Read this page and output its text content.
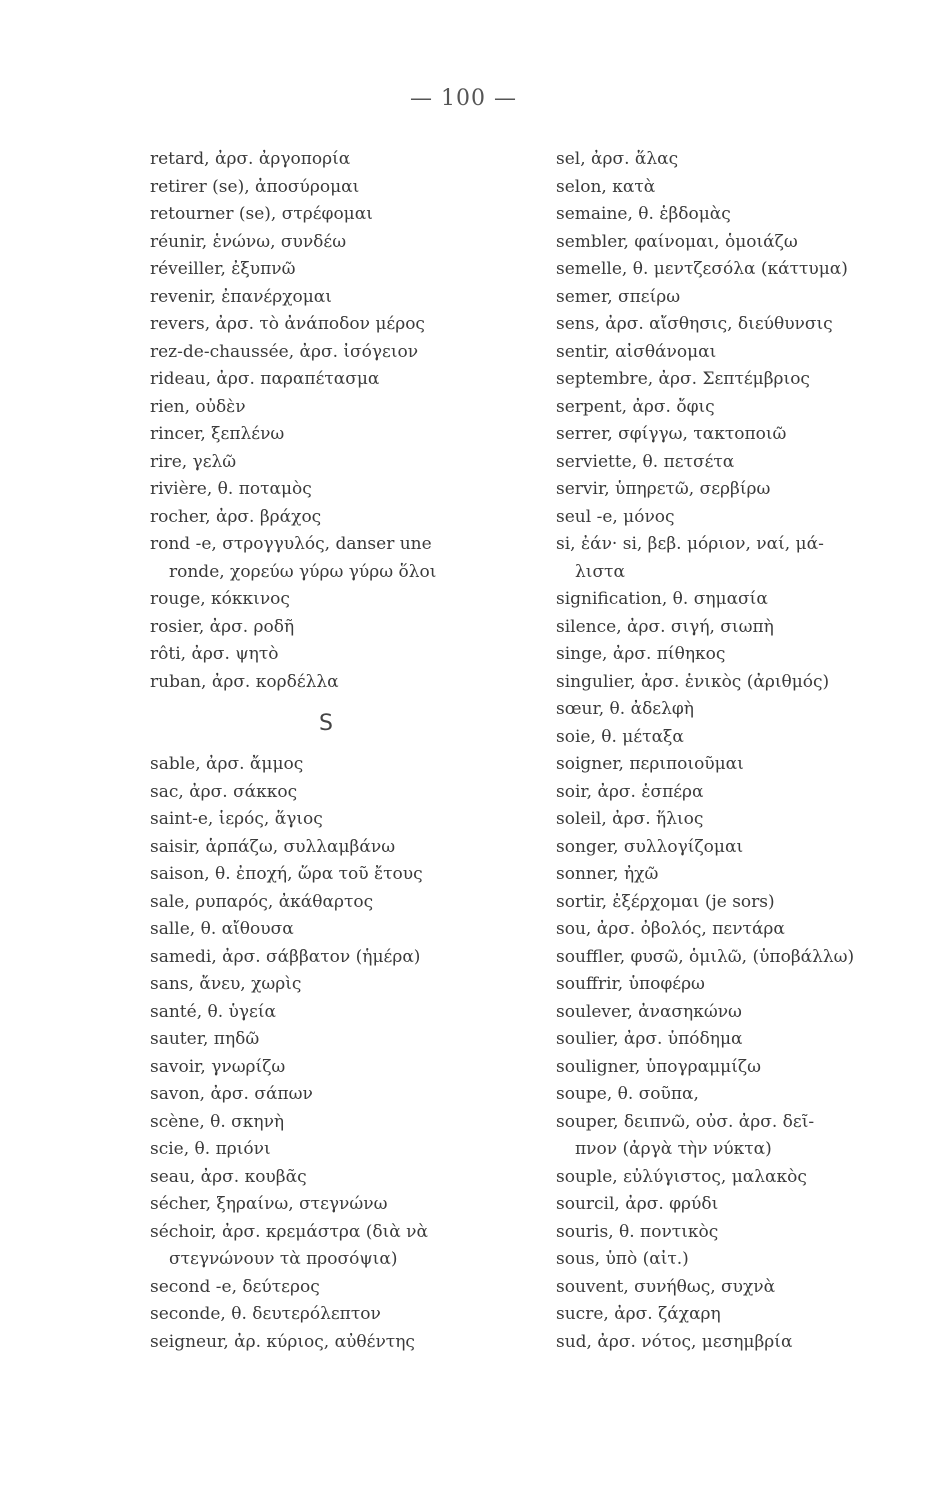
— 100 —
retard, ἀρσ. ἀργοπορία
retirer (se), ἀποσύρομαι
retourner (se), στρέφομαι
réunir, ἑνώνω, συνδέω
réveiller, ἐξυπνῶ
revenir, ἐπανέρχομαι
revers, ἀρσ. τὸ ἀνάποδον μέρος
rez-de-chaussée, ἀρσ. ἰσόγειον
rideau, ἀρσ. παραπέτασμα
rien, οὐδὲν
rincer, ξεπλένω
rire, γελῶ
rivière, θ. ποταμὸς
rocher, ἀρσ. βράχος
rond -e, στρογγυλός, danser une
ronde, χορεύω γύρω γύρω ὅλοι
rouge, κόκκινος
rosier, ἀρσ. ροδῆ
rôti, ἀρσ. ψητὸ
ruban, ἀρσ. κορδέλλα
S
sable, ἀρσ. ἄμμος
sac, ἀρσ. σάκκος
saint-e, ἱερός, ἅγιος
saisir, ἁρπάζω, συλλαμβάνω
saison, θ. ἐποχή, ὥρα τοῦ ἔτους
sale, ρυπαρός, ἀκάθαρτος
salle, θ. αἴθουσα
samedi, ἀρσ. σάββατον (ἡμέρα)
sans, ἄνευ, χωρὶς
santé, θ. ὑγεία
sauter, πηδῶ
savoir, γνωρίζω
savon, ἀρσ. σάπων
scène, θ. σκηνὴ
scie, θ. πριόνι
seau, ἀρσ. κουβᾶς
sécher, ξηραίνω, στεγνώνω
séchoir, ἀρσ. κρεμάστρα (διὰ νὰ
στεγνώνουν τὰ προσόψια)
second -e, δεύτερος
seconde, θ. δευτερόλεπτον
seigneur, ἀρ. κύριος, αὐθέντης
sel, ἀρσ. ἅλας
selon, κατὰ
semaine, θ. ἑβδομὰς
sembler, φαίνομαι, ὁμοιάζω
semelle, θ. μεντζεσόλα (κάττυμα)
semer, σπείρω
sens, ἀρσ. αἴσθησις, διεύθυνσις
sentir, αἰσθάνομαι
septembre, ἀρσ. Σεπτέμβριος
serpent, ἀρσ. ὄφις
serrer, σφίγγω, τακτοποιῶ
serviette, θ. πετσέτα
servir, ὑπηρετῶ, σερβίρω
seul -e, μόνος
si, ἐάν· si, βεβ. μόριον, ναί, μά-
λιστα
signification, θ. σημασία
silence, ἀρσ. σιγή, σιωπὴ
singe, ἀρσ. πίθηκος
singulier, ἀρσ. ἑνικὸς (ἀριθμός)
sœur, θ. ἀδελφὴ
soie, θ. μέταξα
soigner, περιποιοῦμαι
soir, ἀρσ. ἑσπέρα
soleil, ἀρσ. ἥλιος
songer, συλλογίζομαι
sonner, ἠχῶ
sortir, ἐξέρχομαι (je sors)
sou, ἀρσ. ὀβολός, πεντάρα
souffler, φυσῶ, ὁμιλῶ, (ὑποβάλλω)
souffrir, ὑποφέρω
soulever, ἀνασηκώνω
soulier, ἀρσ. ὑπόδημα
souligner, ὑπογραμμίζω
soupe, θ. σοῦπα,
souper, δειπνῶ, οὐσ. ἀρσ. δεῖ-
πνον (ἀργὰ τὴν νύκτα)
souple, εὐλύγιστος, μαλακὸς
sourcil, ἀρσ. φρύδι
souris, θ. ποντικὸς
sous, ὑπὸ (αἰτ.)
souvent, συνήθως, συχνὰ
sucre, ἀρσ. ζάχαρη
sud, ἀρσ. νότος, μεσημβρία
